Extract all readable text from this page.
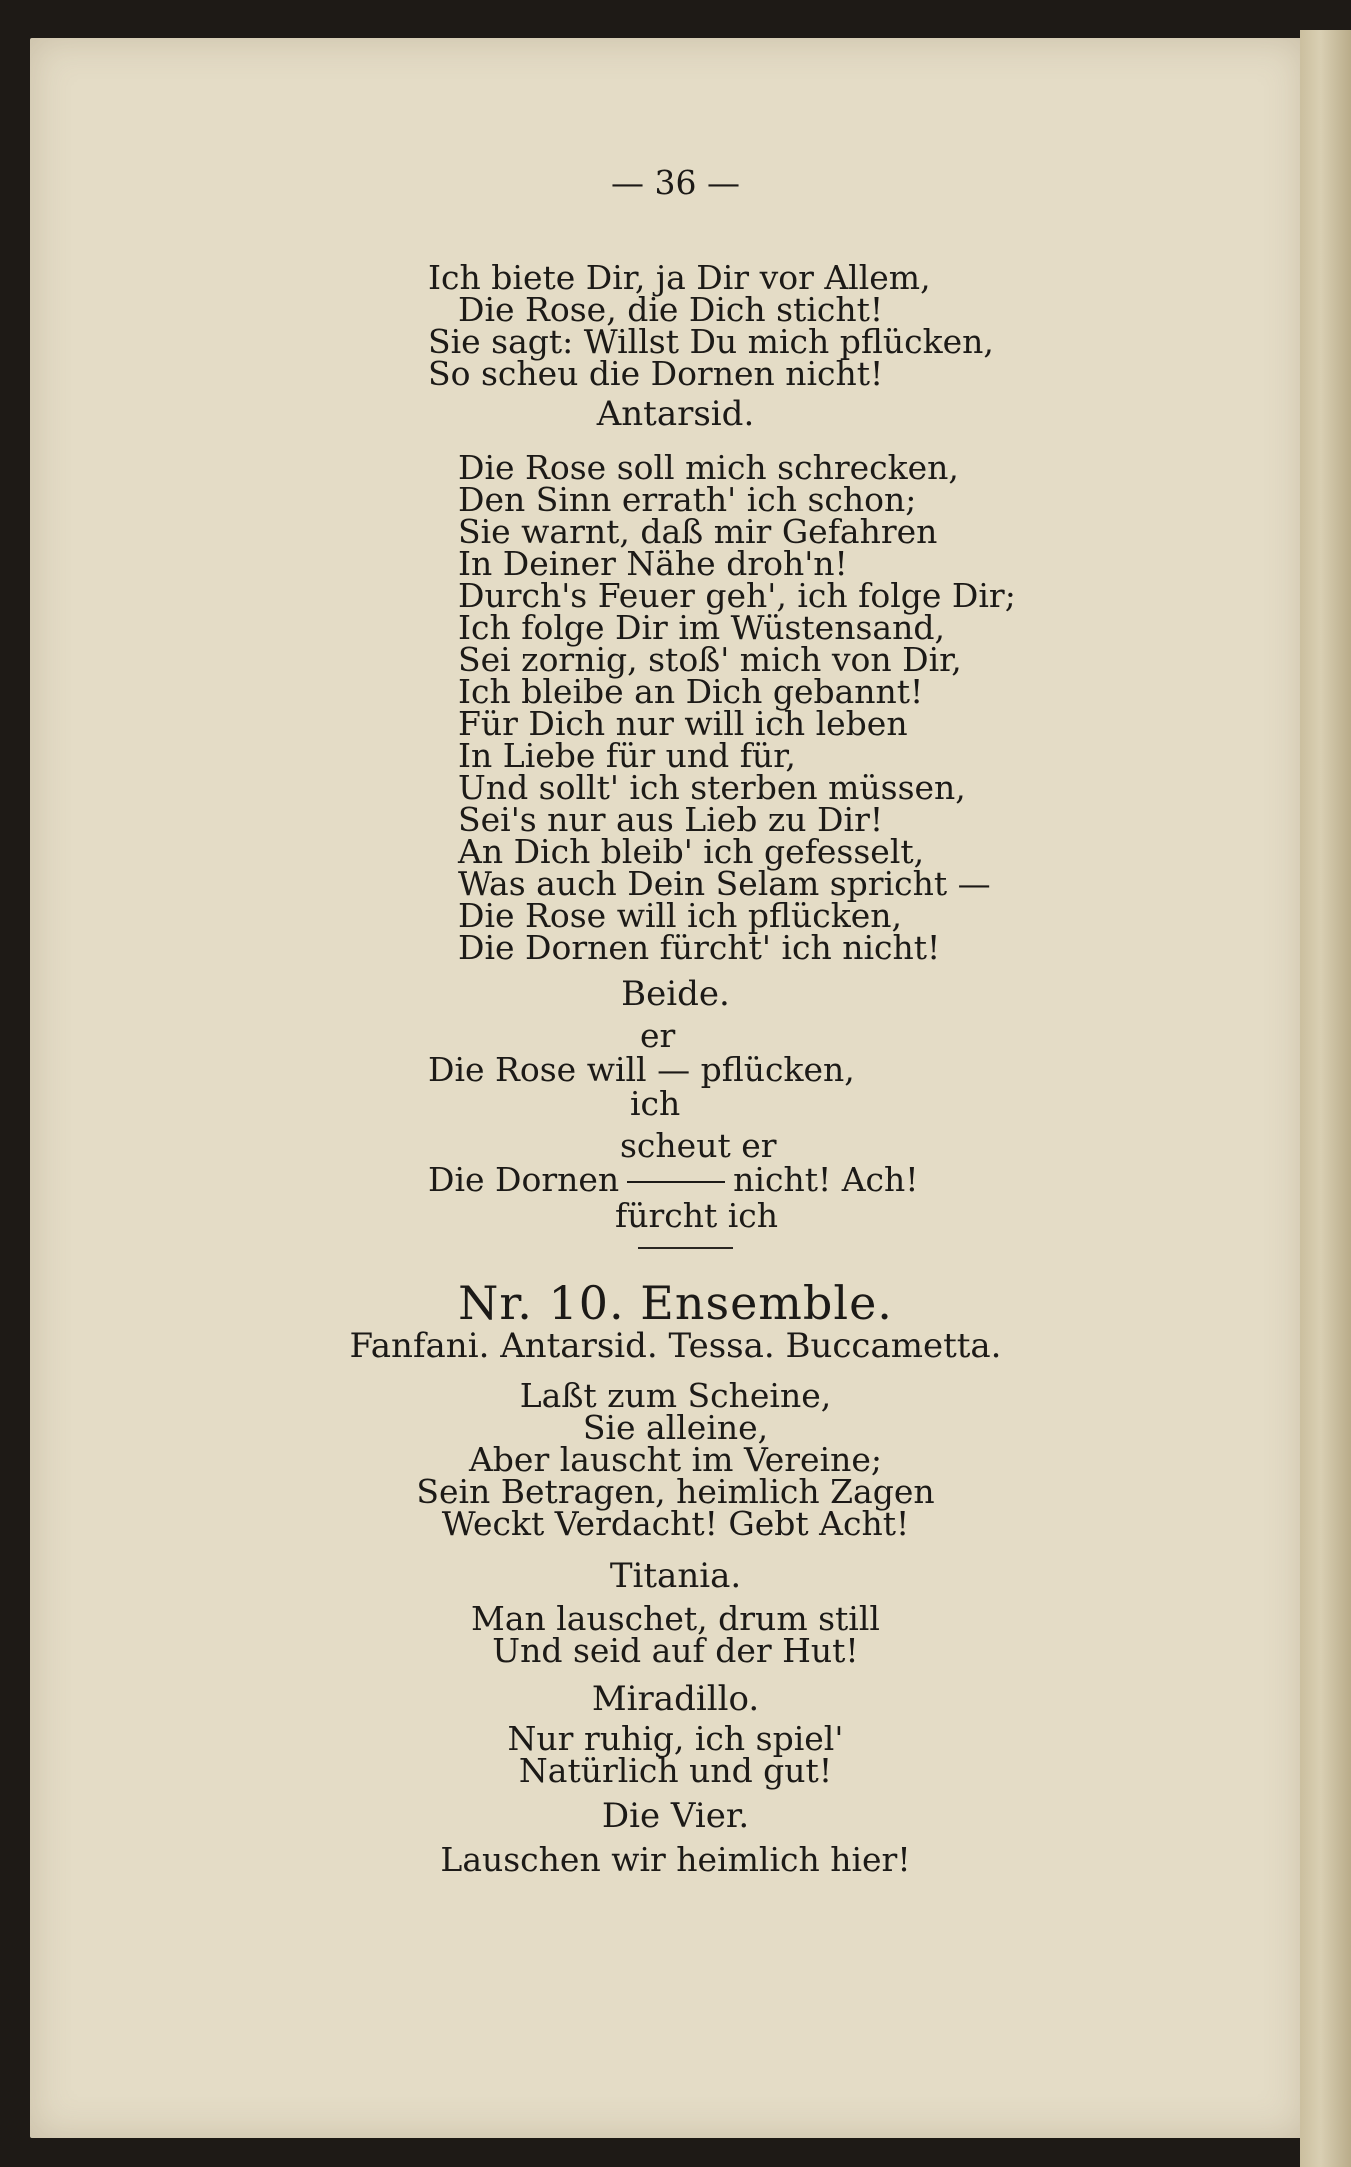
— 36 —
Ich biete Dir, ja Dir vor Allem,
Die Rose, die Dich sticht!
Sie sagt: Willst Du mich pflücken,
So scheu die Dornen nicht!
Antarsid.
Die Rose soll mich schrecken,
Den Sinn errath' ich schon;
Sie warnt, daß mir Gefahren
In Deiner Nähe droh'n!
Durch's Feuer geh', ich folge Dir;
Ich folge Dir im Wüstensand,
Sei zornig, stoß' mich von Dir,
Ich bleibe an Dich gebannt!
Für Dich nur will ich leben
In Liebe für und für,
Und sollt' ich sterben müssen,
Sei's nur aus Lieb zu Dir!
An Dich bleib' ich gefesselt,
Was auch Dein Selam spricht —
Die Rose will ich pflücken,
Die Dornen fürcht' ich nicht!
Beide.
er
Die Rose will — pflücken,
ich
scheut er
Die Dornen	nicht! Ach!
fürcht ich
Nr. 10. Ensemble.
Fanfani. Antarsid. Tessa. Buccametta.
Laßt zum Scheine,
Sie alleine,
Aber lauscht im Vereine;
Sein Betragen, heimlich Zagen
Weckt Verdacht! Gebt Acht!
Titania.
Man lauschet, drum still
Und seid auf der Hut!
Miradillo.
Nur ruhig, ich spiel'
Natürlich und gut!
Die Vier.
Lauschen wir heimlich hier!
